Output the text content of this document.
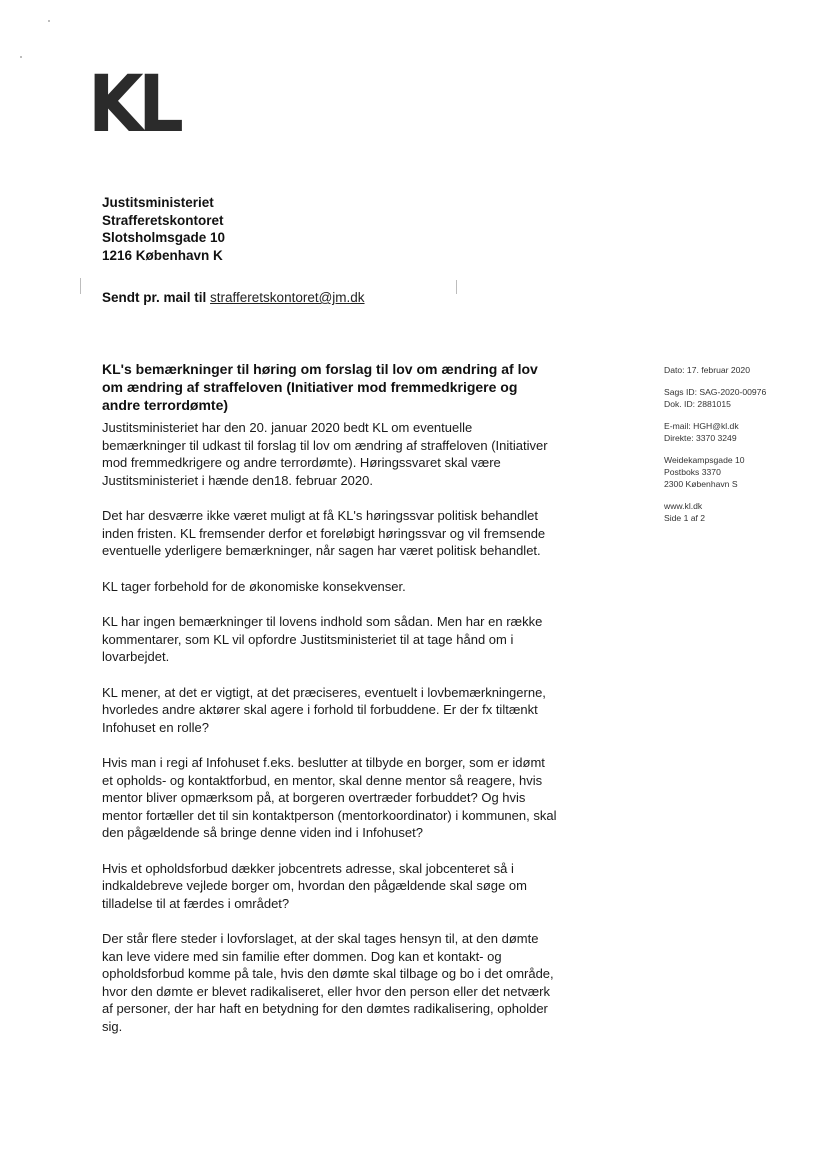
KL
Justitsministeriet
Strafferetskontoret
Slotsholmsgade 10
1216 København K
Sendt pr. mail til strafferetskontoret@jm.dk
KL's bemærkninger til høring om forslag til lov om ændring af lov om ændring af straffeloven (Initiativer mod fremmedkrigere og andre terrordømte)

Justitsministeriet har den 20. januar 2020 bedt KL om eventuelle bemærkninger til udkast til forslag til lov om ændring af straffeloven (Initiativer mod fremmedkrigere og andre terrordømte). Høringssvaret skal være Justitsministeriet i hænde den18. februar 2020.

Det har desværre ikke været muligt at få KL's høringssvar politisk behandlet inden fristen. KL fremsender derfor et foreløbigt høringssvar og vil fremsende eventuelle yderligere bemærkninger, når sagen har været politisk behandlet.

KL tager forbehold for de økonomiske konsekvenser.

KL har ingen bemærkninger til lovens indhold som sådan. Men har en række kommentarer, som KL vil opfordre Justitsministeriet til at tage hånd om i lovarbejdet.

KL mener, at det er vigtigt, at det præciseres, eventuelt i lovbemærkningerne, hvorledes andre aktører skal agere i forhold til forbuddene. Er der fx tiltænkt Infohuset en rolle?

Hvis man i regi af Infohuset f.eks. beslutter at tilbyde en borger, som er idømt et opholds- og kontaktforbud, en mentor, skal denne mentor så reagere, hvis mentor bliver opmærksom på, at borgeren overtræder forbuddet? Og hvis mentor fortæller det til sin kontaktperson (mentorkoordinator) i kommunen, skal den pågældende så bringe denne viden ind i Infohuset?

Hvis et opholdsforbud dækker jobcentrets adresse, skal jobcenteret så i indkaldebreve vejlede borger om, hvordan den pågældende skal søge om tilladelse til at færdes i området?

Der står flere steder i lovforslaget, at der skal tages hensyn til, at den dømte kan leve videre med sin familie efter dommen. Dog kan et kontakt- og opholdsforbud komme på tale, hvis den dømte skal tilbage og bo i det område, hvor den dømte er blevet radikaliseret, eller hvor den person eller det netværk af personer, der har haft en betydning for den dømtes radikalisering, opholder sig.

Dato: 17. februar 2020
Sags ID: SAG-2020-00976
Dok. ID: 2881015
E-mail: HGH@kl.dk
Direkte: 3370 3249
Weidekampsgade 10
Postboks 3370
2300 København S
www.kl.dk
Side 1 af 2
